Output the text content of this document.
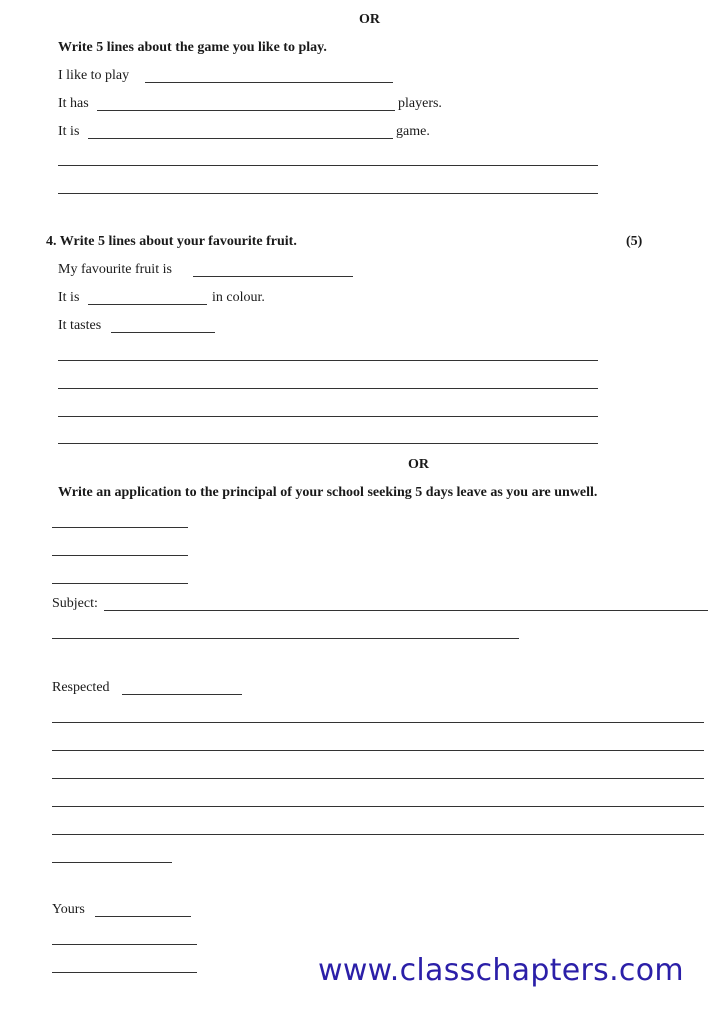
OR
Write 5 lines about the game you like to play.
I like to play
It has	players.
It is	game.
4. Write 5 lines about your favourite fruit.	(5)
My favourite fruit is
It is	in colour.
It tastes
OR
Write an application to the principal of your school seeking 5 days leave as you are unwell.
Subject:
Respected
Yours
www.classchapters.com
